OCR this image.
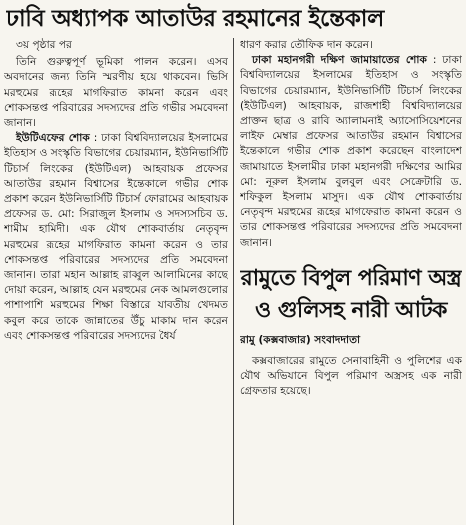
ঢাবি অধ্যাপক আতাউর রহমানের ইন্তেকাল

৩য় পৃষ্ঠার পর

তিনি গুরুত্বপূর্ণ ভূমিকা পালন করেন। এসব অবদানের জন্য তিনি স্মরণীয় হয়ে থাকবেন। ভিসি মরহুমের রূহের মাগফিরাত কামনা করেন এবং শোকসন্তপ্ত পরিবারের সদস্যদের প্রতি গভীর সমবেদনা জানান।

ইউটিএফের শোক : ঢাকা বিশ্ববিদ্যালয়ের ইসলামের ইতিহাস ও সংস্কৃতি বিভাগের চেয়ারম্যান, ইউনিভার্সিটি টিচার্স লিংকের (ইউটিএল) আহবায়ক প্রফেসর আতাউর রহমান বিশ্বাসের ইন্তেকালে গভীর শোক প্রকাশ করেন ইউনিভার্সিটি টিচার্স ফোরামের আহবায়ক প্রফেসর ড. মো: সিরাজুল ইসলাম ও সদস্যসচিব ড. শামীম হামিদী। এক যৌথ শোকবার্তায় নেতৃবৃন্দ মরহুমের রূহের মাগফিরাত কামনা করেন ও তার শোকসন্তপ্ত পরিবারের সদস্যদের প্রতি সমবেদনা জানান। তারা মহান আল্লাহ রাব্বুল আলামিনের কাছে দোয়া করেন, আল্লাহ যেন মরহুমের নেক আমলগুলোর পাশাপাশি মরহুমের শিক্ষা বিস্তারে যাবতীয় খেদমত কবুল করে তাকে জান্নাতের উঁচু মাকাম দান করেন এবং শোকসন্তপ্ত পরিবারের সদস্যদের ধৈর্য

ধারণ করার তৌফিক দান করেন।

ঢাকা মহানগরী দক্ষিণ জামায়াতের শোক : ঢাকা বিশ্ববিদ্যালয়ের ইসলামের ইতিহাস ও সংস্কৃতি বিভাগের চেয়ারম্যান, ইউনিভার্সিটি টিচার্স লিংকের (ইউটিএল) আহবায়ক, রাজশাহী বিশ্ববিদ্যালয়ের প্রাক্তন ছাত্র ও রাবি অ্যালামনাই অ্যাসোসিয়েশনের লাইফ মেম্বার প্রফেসর আতাউর রহমান বিশ্বাসের ইন্তেকালে গভীর শোক প্রকাশ করেছেন বাংলাদেশ জামায়াতে ইসলামীর ঢাকা মহানগরী দক্ষিণের আমির মো: নূরুল ইসলাম বুলবুল এবং সেক্রেটারি ড. শফিকুল ইসলাম মাসুদ। এক যৌথ শোকবার্তায় নেতৃবৃন্দ মরহুমের রূহের মাগফেরাত কামনা করেন ও তার শোকসন্তপ্ত পরিবারের সদস্যদের প্রতি সমবেদনা জানান।

রামুতে বিপুল পরিমাণ অস্ত্র ও গুলিসহ নারী আটক

রামু (কক্সবাজার) সংবাদদাতা

কক্সবাজারের রামুতে সেনাবাহিনী ও পুলিশের এক যৌথ অভিযানে বিপুল পরিমাণ অস্ত্রসহ এক নারী গ্রেফতার হয়েছে।
